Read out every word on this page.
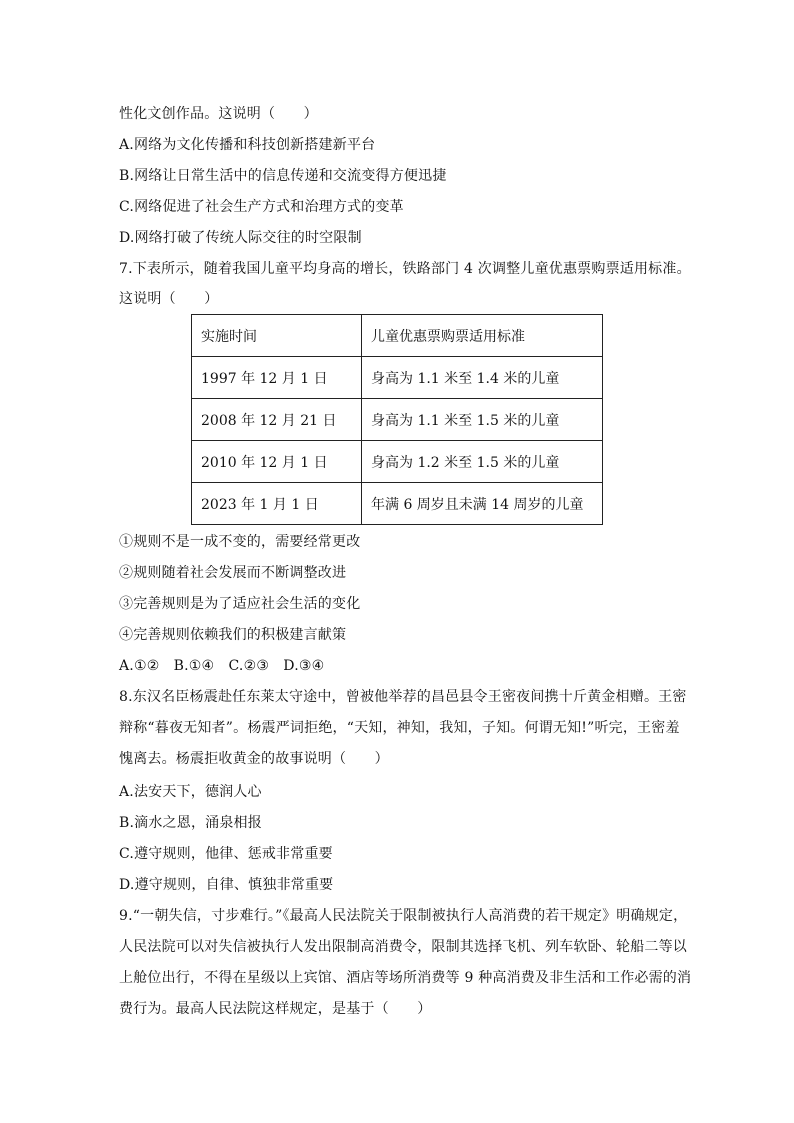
性化文创作品。这说明（　　）
A.网络为文化传播和科技创新搭建新平台
B.网络让日常生活中的信息传递和交流变得方便迅捷
C.网络促进了社会生产方式和治理方式的变革
D.网络打破了传统人际交往的时空限制
7.下表所示，随着我国儿童平均身高的增长，铁路部门 4 次调整儿童优惠票购票适用标准。
这说明（　　）
实施时间	儿童优惠票购票适用标准
1997 年 12 月 1 日	身高为 1.1 米至 1.4 米的儿童
2008 年 12 月 21 日	身高为 1.1 米至 1.5 米的儿童
2010 年 12 月 1 日	身高为 1.2 米至 1.5 米的儿童
2023 年 1 月 1 日	年满 6 周岁且未满 14 周岁的儿童
①规则不是一成不变的，需要经常更改
②规则随着社会发展而不断调整改进
③完善规则是为了适应社会生活的变化
④完善规则依赖我们的积极建言献策
A.①②　B.①④　C.②③　D.③④
8.东汉名臣杨震赴任东莱太守途中，曾被他举荐的昌邑县令王密夜间携十斤黄金相赠。王密
辩称“暮夜无知者”。杨震严词拒绝，“天知，神知，我知，子知。何谓无知!”听完，王密羞
愧离去。杨震拒收黄金的故事说明（　　）
A.法安天下，德润人心
B.滴水之恩，涌泉相报
C.遵守规则，他律、惩戒非常重要
D.遵守规则，自律、慎独非常重要
9.“一朝失信，寸步难行。”《最高人民法院关于限制被执行人高消费的若干规定》明确规定，
人民法院可以对失信被执行人发出限制高消费令，限制其选择飞机、列车软卧、轮船二等以
上舱位出行，不得在星级以上宾馆、酒店等场所消费等 9 种高消费及非生活和工作必需的消
费行为。最高人民法院这样规定，是基于（　　）
